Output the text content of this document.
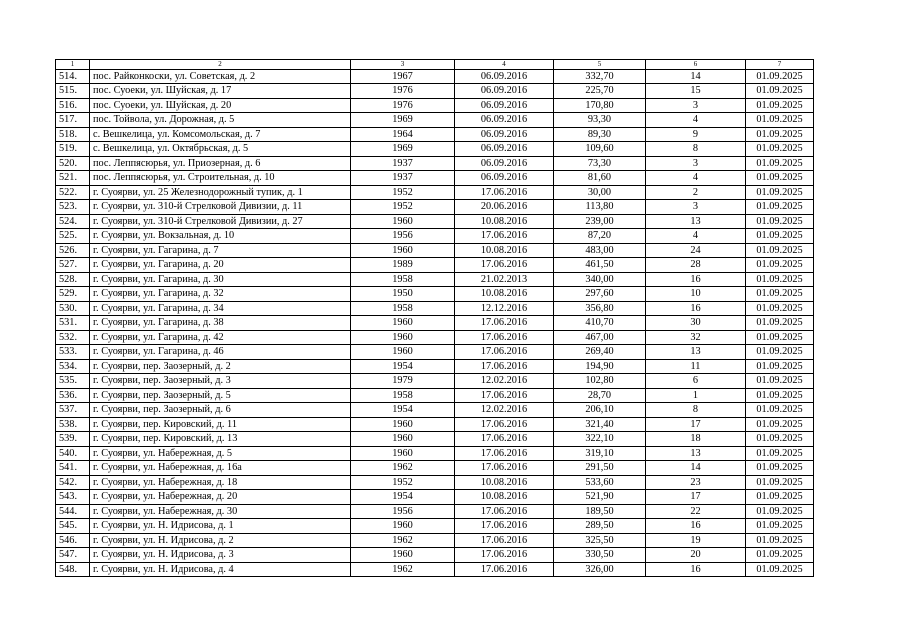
1	2	3	4	5	6	7
514.	пос. Райконкоски, ул. Советская, д. 2	1967	06.09.2016	332,70	14	01.09.2025
515.	пос. Суоеки, ул. Шуйская, д. 17	1976	06.09.2016	225,70	15	01.09.2025
516.	пос. Суоеки, ул. Шуйская, д. 20	1976	06.09.2016	170,80	3	01.09.2025
517.	пос. Тойвола, ул. Дорожная, д. 5	1969	06.09.2016	93,30	4	01.09.2025
518.	с. Вешкелица, ул. Комсомольская, д. 7	1964	06.09.2016	89,30	9	01.09.2025
519.	с. Вешкелица, ул. Октябрьская, д. 5	1969	06.09.2016	109,60	8	01.09.2025
520.	пос. Леппясюрья, ул. Приозерная, д. 6	1937	06.09.2016	73,30	3	01.09.2025
521.	пос. Леппясюрья, ул. Строительная, д. 10	1937	06.09.2016	81,60	4	01.09.2025
522.	г. Суоярви, ул. 25 Железнодорожный тупик, д. 1	1952	17.06.2016	30,00	2	01.09.2025
523.	г. Суоярви, ул. 310-й Стрелковой Дивизии, д. 11	1952	20.06.2016	113,80	3	01.09.2025
524.	г. Суоярви, ул. 310-й Стрелковой Дивизии, д. 27	1960	10.08.2016	239,00	13	01.09.2025
525.	г. Суоярви, ул. Вокзальная, д. 10	1956	17.06.2016	87,20	4	01.09.2025
526.	г. Суоярви, ул. Гагарина, д. 7	1960	10.08.2016	483,00	24	01.09.2025
527.	г. Суоярви, ул. Гагарина, д. 20	1989	17.06.2016	461,50	28	01.09.2025
528.	г. Суоярви, ул. Гагарина, д. 30	1958	21.02.2013	340,00	16	01.09.2025
529.	г. Суоярви, ул. Гагарина, д. 32	1950	10.08.2016	297,60	10	01.09.2025
530.	г. Суоярви, ул. Гагарина, д. 34	1958	12.12.2016	356,80	16	01.09.2025
531.	г. Суоярви, ул. Гагарина, д. 38	1960	17.06.2016	410,70	30	01.09.2025
532.	г. Суоярви, ул. Гагарина, д. 42	1960	17.06.2016	467,00	32	01.09.2025
533.	г. Суоярви, ул. Гагарина, д. 46	1960	17.06.2016	269,40	13	01.09.2025
534.	г. Суоярви, пер. Заозерный, д. 2	1954	17.06.2016	194,90	11	01.09.2025
535.	г. Суоярви, пер. Заозерный, д. 3	1979	12.02.2016	102,80	6	01.09.2025
536.	г. Суоярви, пер. Заозерный, д. 5	1958	17.06.2016	28,70	1	01.09.2025
537.	г. Суоярви, пер. Заозерный, д. 6	1954	12.02.2016	206,10	8	01.09.2025
538.	г. Суоярви, пер. Кировский, д. 11	1960	17.06.2016	321,40	17	01.09.2025
539.	г. Суоярви, пер. Кировский, д. 13	1960	17.06.2016	322,10	18	01.09.2025
540.	г. Суоярви, ул. Набережная, д. 5	1960	17.06.2016	319,10	13	01.09.2025
541.	г. Суоярви, ул. Набережная, д. 16а	1962	17.06.2016	291,50	14	01.09.2025
542.	г. Суоярви, ул. Набережная, д. 18	1952	10.08.2016	533,60	23	01.09.2025
543.	г. Суоярви, ул. Набережная, д. 20	1954	10.08.2016	521,90	17	01.09.2025
544.	г. Суоярви, ул. Набережная, д. 30	1956	17.06.2016	189,50	22	01.09.2025
545.	г. Суоярви, ул. Н. Идрисова, д. 1	1960	17.06.2016	289,50	16	01.09.2025
546.	г. Суоярви, ул. Н. Идрисова, д. 2	1962	17.06.2016	325,50	19	01.09.2025
547.	г. Суоярви, ул. Н. Идрисова, д. 3	1960	17.06.2016	330,50	20	01.09.2025
548.	г. Суоярви, ул. Н. Идрисова, д. 4	1962	17.06.2016	326,00	16	01.09.2025
